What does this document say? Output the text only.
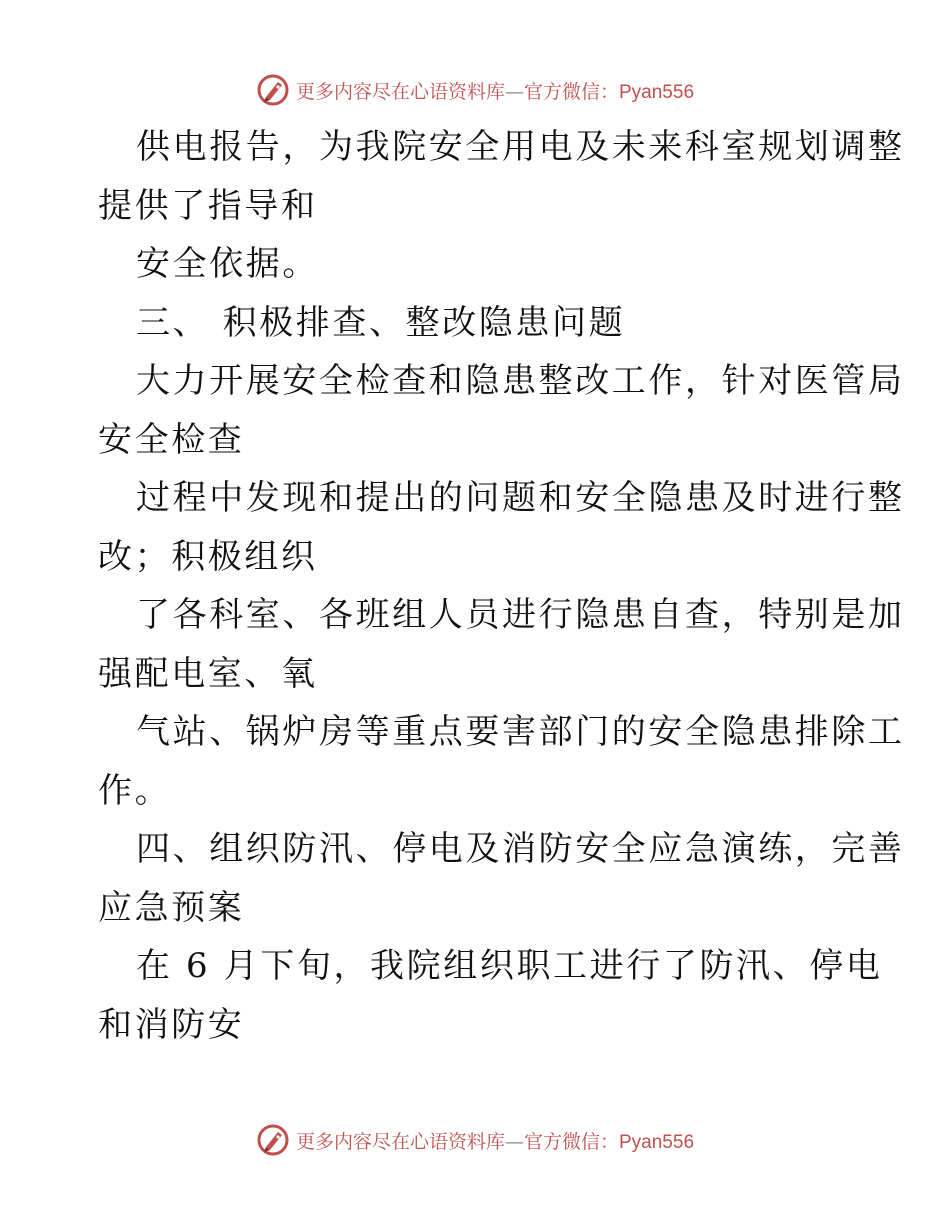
更多内容尽在心语资料库—官方微信：Pyan556
供电报告，为我院安全用电及未来科室规划调整
提供了指导和
安全依据。
三、 积极排查、整改隐患问题
大力开展安全检查和隐患整改工作，针对医管局
安全检查
过程中发现和提出的问题和安全隐患及时进行整
改；积极组织
了各科室、各班组人员进行隐患自查，特别是加
强配电室、氧
气站、锅炉房等重点要害部门的安全隐患排除工
作。
四、组织防汛、停电及消防安全应急演练，完善
应急预案
在 6 月下旬，我院组织职工进行了防汛、停电
和消防安
更多内容尽在心语资料库—官方微信：Pyan556
